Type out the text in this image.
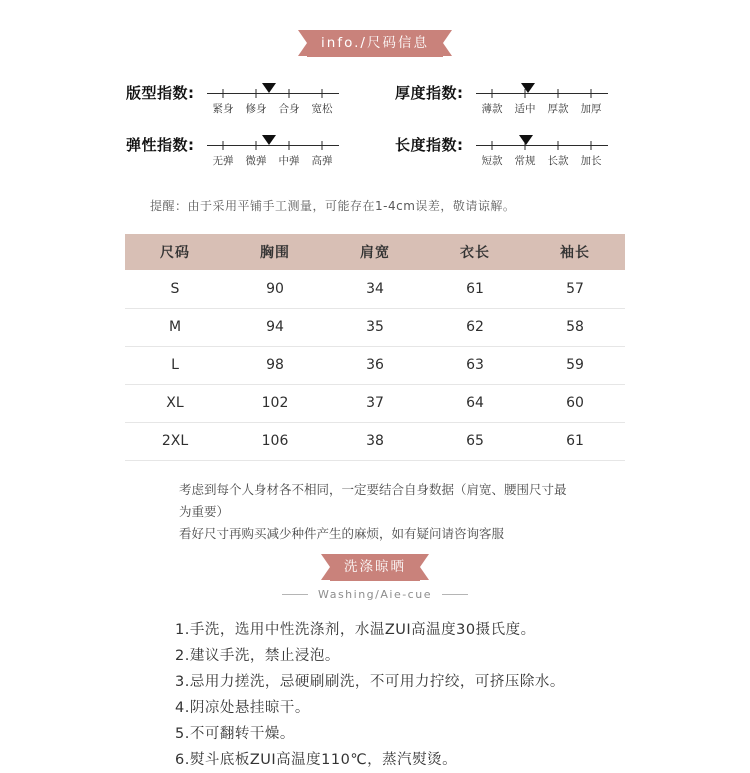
info./尺码信息
版型指数:
紧身 修身 合身 宽松
厚度指数:
薄款 适中 厚款 加厚
弹性指数:
无弹 微弹 中弹 高弹
长度指数:
短款 常规 长款 加长
提醒：由于采用平铺手工测量，可能存在1-4cm误差，敬请谅解。
尺码	胸围	肩宽	衣长	袖长
S	90	34	61	57
M	94	35	62	58
L	98	36	63	59
XL	102	37	64	60
2XL	106	38	65	61
考虑到每个人身材各不相同，一定要结合自身数据（肩宽、腰围尺寸最为重要）
看好尺寸再购买减少种件产生的麻烦，如有疑问请咨询客服
洗涤晾晒
Washing/Aie-cue
1.手洗，选用中性洗涤剂，水温ZUI高温度30摄氏度。
2.建议手洗，禁止浸泡。
3.忌用力搓洗，忌硬刷刷洗，不可用力拧绞，可挤压除水。
4.阴凉处悬挂晾干。
5.不可翻转干燥。
6.熨斗底板ZUI高温度110℃，蒸汽熨烫。
